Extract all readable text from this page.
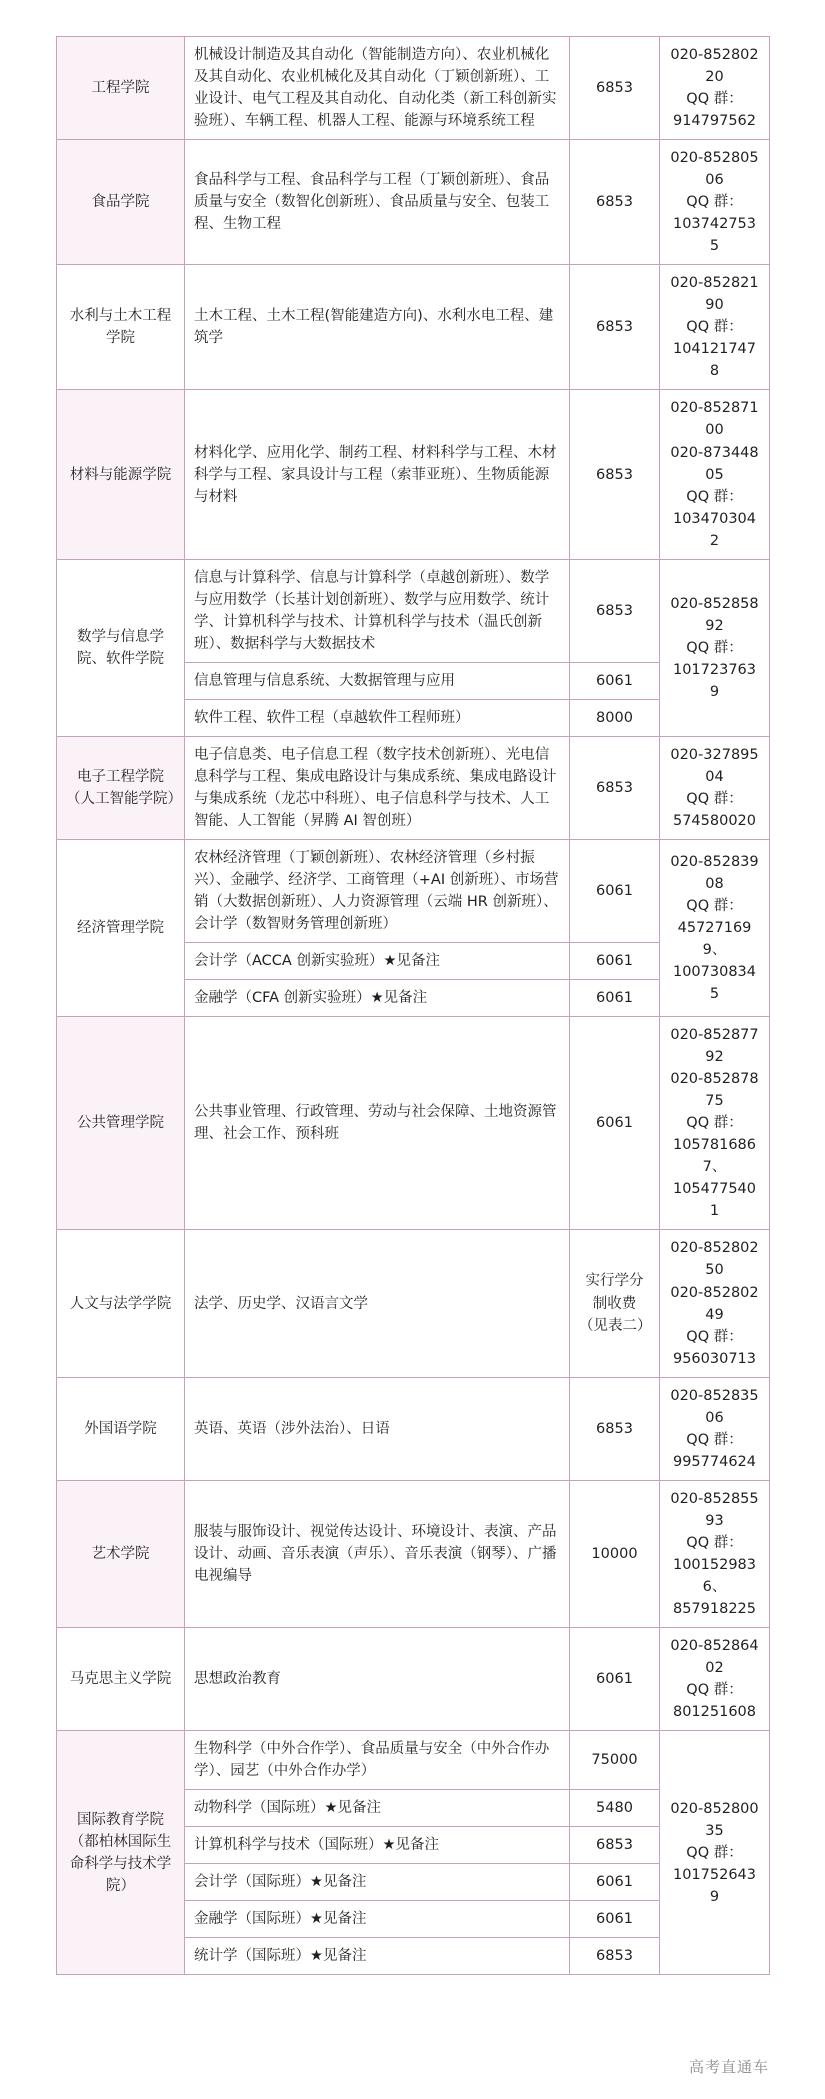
工程学院	机械设计制造及其自动化（智能制造方向）、农业机械化及其自动化、农业机械化及其自动化（丁颖创新班）、工业设计、电气工程及其自动化、自动化类（新工科创新实验班）、车辆工程、机器人工程、能源与环境系统工程	6853	020-85280220
QQ 群：
914797562
食品学院	食品科学与工程、食品科学与工程（丁颖创新班）、食品质量与安全（数智化创新班）、食品质量与安全、包装工程、生物工程	6853	020-85280506
QQ 群：
1037427535
水利与土木工程学院	土木工程、土木工程(智能建造方向)、水利水电工程、建筑学	6853	020-85282190
QQ 群：
1041217478
材料与能源学院	材料化学、应用化学、制药工程、材料科学与工程、木材科学与工程、家具设计与工程（索菲亚班）、生物质能源与材料	6853	020-85287100
020-87344805
QQ 群：
1034703042
数学与信息学院、软件学院	信息与计算科学、信息与计算科学（卓越创新班）、数学与应用数学（长基计划创新班）、数学与应用数学、统计学、计算机科学与技术、计算机科学与技术（温氏创新班）、数据科学与大数据技术	6853	020-85285892
QQ 群：
1017237639
	信息管理与信息系统、大数据管理与应用	6061	
	软件工程、软件工程（卓越软件工程师班）	8000	
电子工程学院（人工智能学院）	电子信息类、电子信息工程（数字技术创新班）、光电信息科学与工程、集成电路设计与集成系统、集成电路设计与集成系统（龙芯中科班）、电子信息科学与技术、人工智能、人工智能（昇腾 AI 智创班）	6853	020-32789504
QQ 群：
574580020
经济管理学院	农林经济管理（丁颖创新班）、农林经济管理（乡村振兴）、金融学、经济学、工商管理（+AI 创新班）、市场营销（大数据创新班）、人力资源管理（云端 HR 创新班）、会计学（数智财务管理创新班）	6061	020-85283908
QQ 群：
457271699、
1007308345
	会计学（ACCA 创新实验班）★见备注	6061	
	金融学（CFA 创新实验班）★见备注	6061	
公共管理学院	公共事业管理、行政管理、劳动与社会保障、土地资源管理、社会工作、预科班	6061	020-85287792
020-85287875
QQ 群：
1057816867、
1054775401
人文与法学学院	法学、历史学、汉语言文学	实行学分制收费
（见表二）	020-85280250
020-85280249
QQ 群：
956030713
外国语学院	英语、英语（涉外法治）、日语	6853	020-85283506
QQ 群：
995774624
艺术学院	服装与服饰设计、视觉传达设计、环境设计、表演、产品设计、动画、音乐表演（声乐）、音乐表演（钢琴）、广播电视编导	10000	020-85285593
QQ 群：
1001529836、
857918225
马克思主义学院	思想政治教育	6061	020-85286402
QQ 群：
801251608
国际教育学院（都柏林国际生命科学与技术学院）	生物科学（中外合作学）、食品质量与安全（中外合作办学）、园艺（中外合作办学）	75000	020-85280035
QQ 群：
1017526439
	动物科学（国际班）★见备注	5480	
	计算机科学与技术（国际班）★见备注	6853	
	会计学（国际班）★见备注	6061	
	金融学（国际班）★见备注	6061	
	统计学（国际班）★见备注	6853	
高考直通车
